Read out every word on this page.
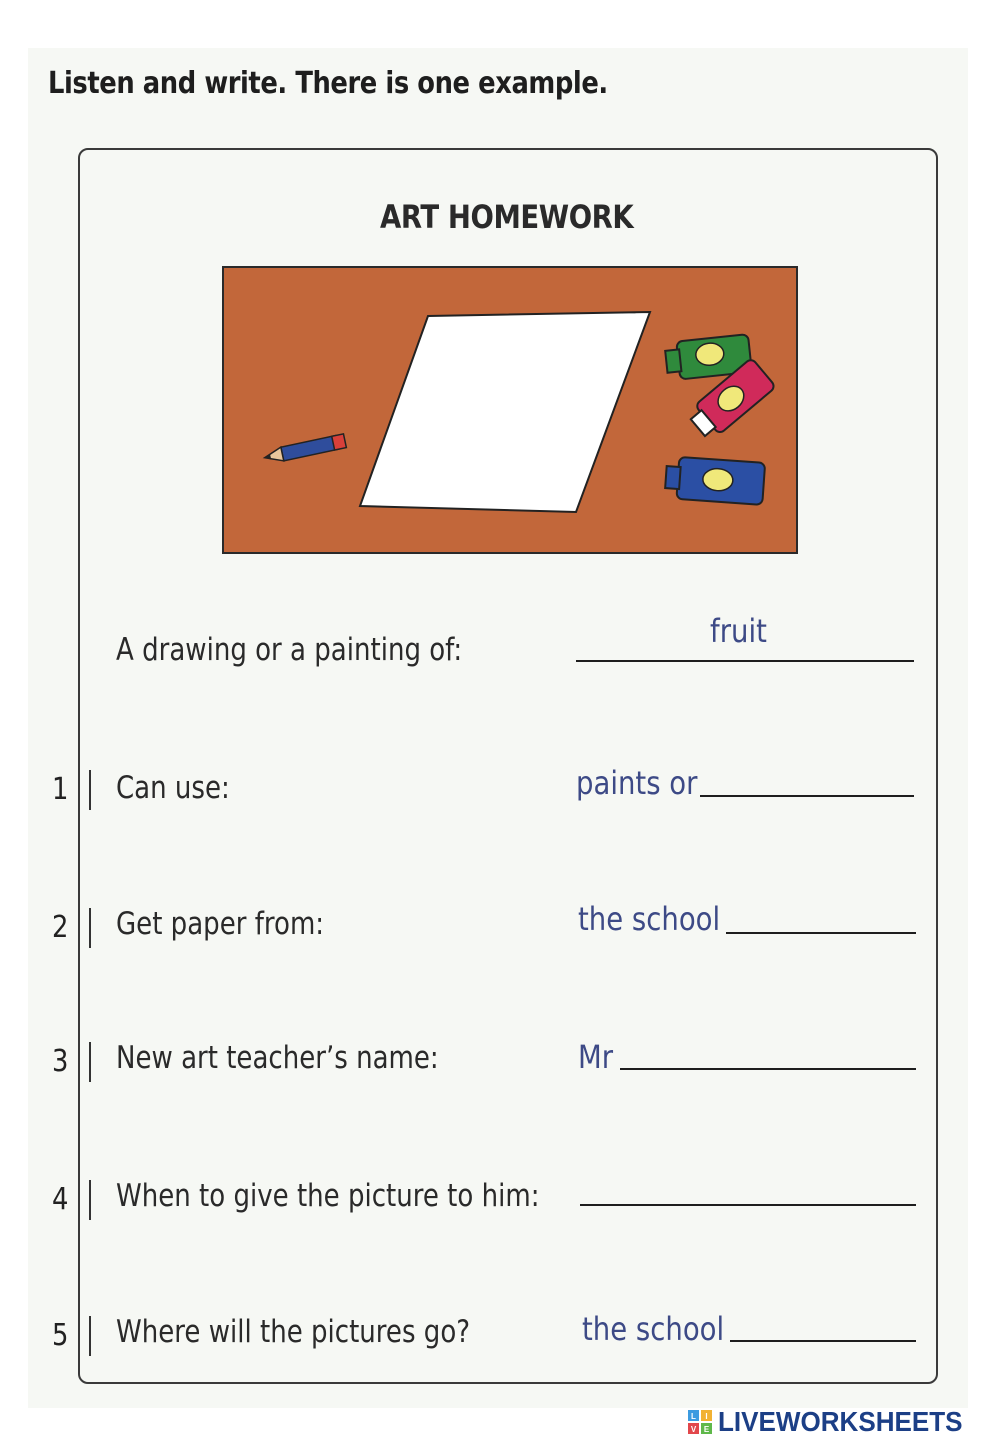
Listen and write. There is one example.
ART HOMEWORK
A drawing or a painting of:	fruit
1 Can use:	paints or
2 Get paper from:	the school
3 New art teacher’s name:	Mr
4 When to give the picture to him:
5 Where will the pictures go?	the school
L I
V E LIVEWORKSHEETS
